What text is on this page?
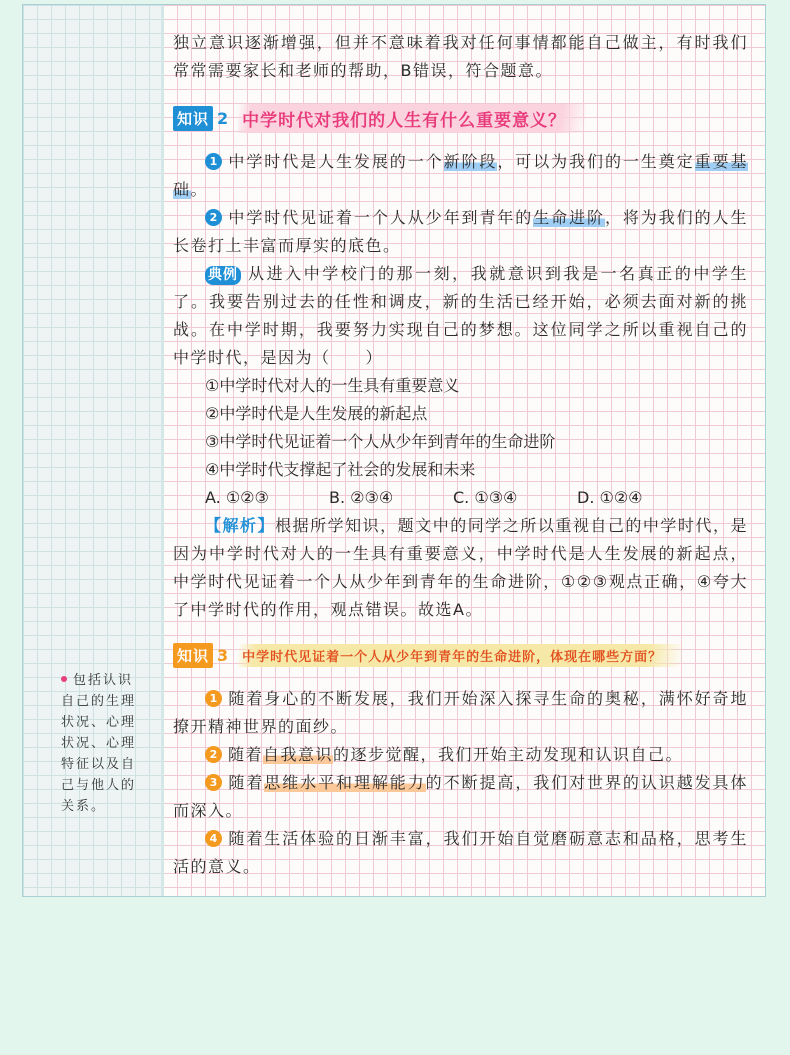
包括认识自己的生理状况、心理状况、心理特征以及自己与他人的关系。
独立意识逐渐增强，但并不意味着我对任何事情都能自己做主，有时我们常常需要家长和老师的帮助，B错误，符合题意。
知识 2 中学时代对我们的人生有什么重要意义？
1 中学时代是人生发展的一个新阶段，可以为我们的一生奠定重要基础。
2 中学时代见证着一个人从少年到青年的生命进阶，将为我们的人生长卷打上丰富而厚实的底色。
典例 从进入中学校门的那一刻，我就意识到我是一名真正的中学生了。我要告别过去的任性和调皮，新的生活已经开始，必须去面对新的挑战。在中学时期，我要努力实现自己的梦想。这位同学之所以重视自己的中学时代，是因为（　　）
①中学时代对人的一生具有重要意义
②中学时代是人生发展的新起点
③中学时代见证着一个人从少年到青年的生命进阶
④中学时代支撑起了社会的发展和未来
A. ①②③	B. ②③④	C. ①③④	D. ①②④
【解析】根据所学知识，题文中的同学之所以重视自己的中学时代，是因为中学时代对人的一生具有重要意义，中学时代是人生发展的新起点，中学时代见证着一个人从少年到青年的生命进阶，①②③观点正确，④夸大了中学时代的作用，观点错误。故选A。
知识 3	中学时代见证着一个人从少年到青年的生命进阶，体现在哪些方面？
1 随着身心的不断发展，我们开始深入探寻生命的奥秘，满怀好奇地撩开精神世界的面纱。
2 随着自我意识的逐步觉醒，我们开始主动发现和认识自己。
3 随着思维水平和理解能力的不断提高，我们对世界的认识越发具体而深入。
4 随着生活体验的日渐丰富，我们开始自觉磨砺意志和品格，思考生活的意义。
